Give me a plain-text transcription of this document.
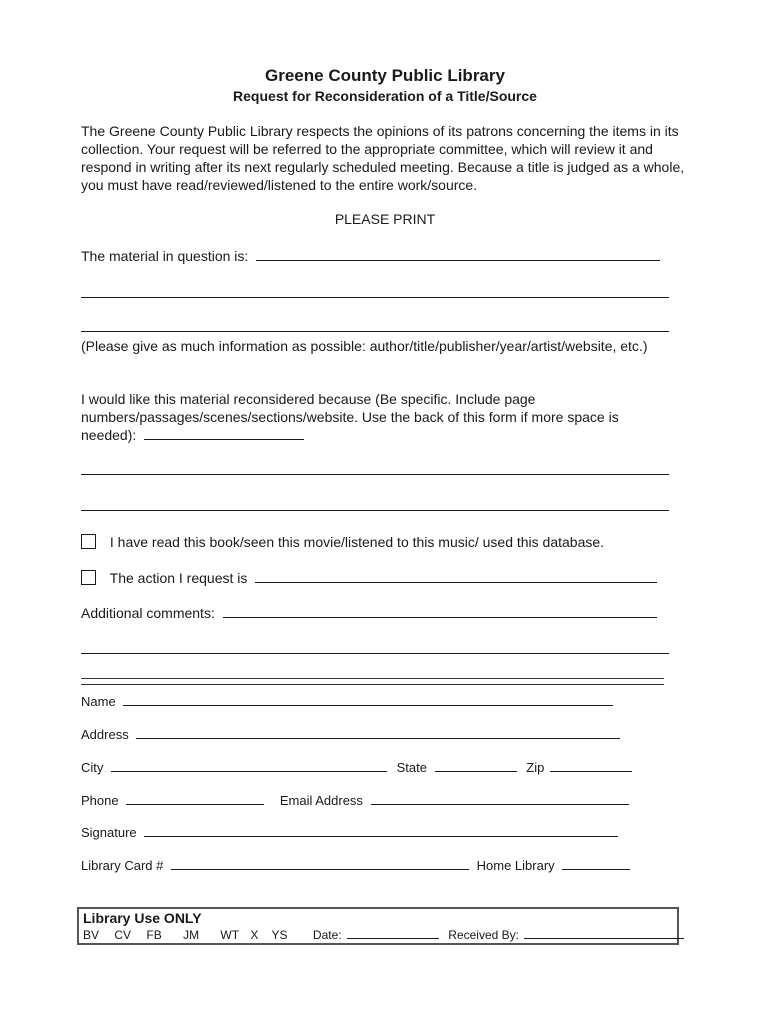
Greene County Public Library
Request for Reconsideration of a Title/Source
The Greene County Public Library respects the opinions of its patrons concerning the items in its collection. Your request will be referred to the appropriate committee, which will review it and respond in writing after its next regularly scheduled meeting. Because a title is judged as a whole, you must have read/reviewed/listened to the entire work/source.
PLEASE PRINT
The material in question is:
(Please give as much information as possible: author/title/publisher/year/artist/website, etc.)
I would like this material reconsidered because (Be specific. Include page numbers/passages/scenes/sections/website. Use the back of this form if more space is needed):
I have read this book/seen this movie/listened to this music/ used this database.
The action I request is
Additional comments:
Name
Address
City	State	Zip
Phone	Email Address
Signature
Library Card #	Home Library
Library Use ONLY
BV CV FB JM WT X YS Date:	Received By:
